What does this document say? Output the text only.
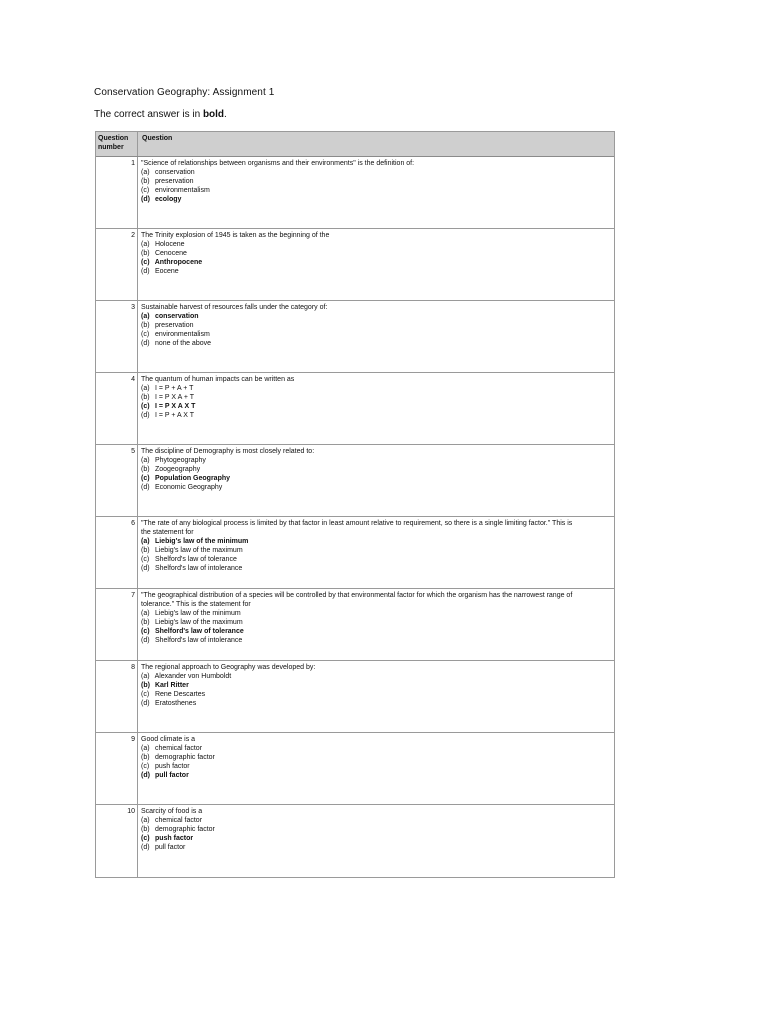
Conservation Geography: Assignment 1
The correct answer is in bold.
Question number
Question
1 "Science of relationships between organisms and their environments" is the definition of:
(a) conservation
(b) preservation
(c) environmentalism
(d) ecology
2 The Trinity explosion of 1945 is taken as the beginning of the
(a) Holocene
(b) Cenocene
(c) Anthropocene
(d) Eocene
3 Sustainable harvest of resources falls under the category of:
(a) conservation
(b) preservation
(c) environmentalism
(d) none of the above
4 The quantum of human impacts can be written as
(a) I = P + A + T
(b) I = P X A + T
(c) I = P X A X T
(d) I = P + A X T
5 The discipline of Demography is most closely related to:
(a) Phytogeography
(b) Zoogeography
(c) Population Geography
(d) Economic Geography
6 "The rate of any biological process is limited by that factor in least amount relative to requirement, so there is a single limiting factor." This is the statement for
(a) Liebig's law of the minimum
(b) Liebig's law of the maximum
(c) Shelford's law of tolerance
(d) Shelford's law of intolerance
7 "The geographical distribution of a species will be controlled by that environmental factor for which the organism has the narrowest range of tolerance." This is the statement for
(a) Liebig's law of the minimum
(b) Liebig's law of the maximum
(c) Shelford's law of tolerance
(d) Shelford's law of intolerance
8 The regional approach to Geography was developed by:
(a) Alexander von Humboldt
(b) Karl Ritter
(c) Rene Descartes
(d) Eratosthenes
9 Good climate is a
(a) chemical factor
(b) demographic factor
(c) push factor
(d) pull factor
10 Scarcity of food is a
(a) chemical factor
(b) demographic factor
(c) push factor
(d) pull factor
